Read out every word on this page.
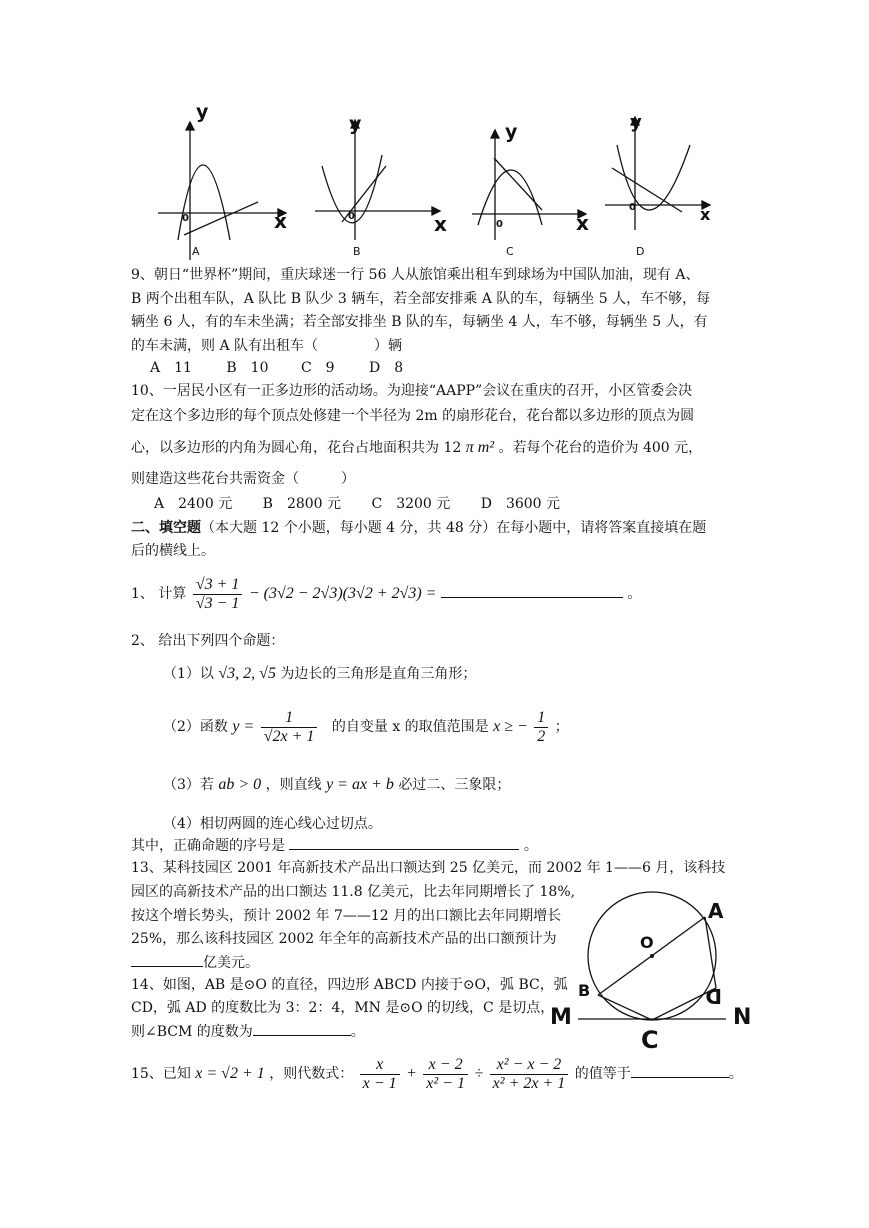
y
x
0
y
x
0
y
x
0
y
x
0
A	B	C	D
9、朝日“世界杯”期间，重庆球迷一行 56 人从旅馆乘出租车到球场为中国队加油，现有 A、
B 两个出租车队，A 队比 B 队少 3 辆车，若全部安排乘 A 队的车，每辆坐 5 人，车不够，每
辆坐 6 人，有的车未坐满；若全部安排坐 B 队的车，每辆坐 4 人，车不够，每辆坐 5 人，有
的车未满，则 A 队有出租车（　　　　）辆
A　11 B　10 C　9 D　8
10、一居民小区有一正多边形的活动场。为迎接“AAPP”会议在重庆的召开，小区管委会决
定在这个多边形的每个顶点处修建一个半径为 2m 的扇形花台，花台都以多边形的顶点为圆
心，以多边形的内角为圆心角，花台占地面积共为 12 π m² 。若每个花台的造价为 400 元，
则建造这些花台共需资金（　　　）
A　2400 元 B　2800 元 C　3200 元 D　3600 元
二、填空题（本大题 12 个小题，每小题 4 分，共 48 分）在每小题中，请将答案直接填在题
后的横线上。
1、 计算 $\frac{√3 + 1}{√3 - 1} - (3√2 - 2√3)(3√2 + 2√3)$ =	。
2、 给出下列四个命题：
（1）以 √3, 2, √5 为边长的三角形是直角三角形；
（2）函数 $y = \frac{1}{√2x + 1}$ 的自变量 x 的取值范围是 x ≥ − $\frac{1}{2}$ ；
（3）若 ab > 0 ，则直线 y = ax + b 必过二、三象限；
（4）相切两圆的连心线心过切点。
其中，正确命题的序号是	。
13、某科技园区 2001 年高新技术产品出口额达到 25 亿美元，而 2002 年 1——6 月，该科技
园区的高新技术产品的出口额达 11.8 亿美元，比去年同期增长了 18%,
按这个增长势头，预计 2002 年 7——12 月的出口额比去年同期增长
25%，那么该科技园区 2002 年全年的高新技术产品的出口额预计为
亿美元。
14、如图，AB 是⊙O 的直径，四边形 ABCD 内接于⊙O，弧 BC，弧
CD，弧 AD 的度数比为 3：2：4，MN 是⊙O 的切线，C 是切点，
则∠BCM 的度数为	。
A
O
B	D
M	N
C
15、已知 x = √2 + 1 ，则代数式： $\frac{x}{x - 1} + \frac{x - 2}{\text{x² − 1}} \div \frac{\text{x² − x − 2}}{\text{x² + 2x + 1}}$ 的值等于	。
